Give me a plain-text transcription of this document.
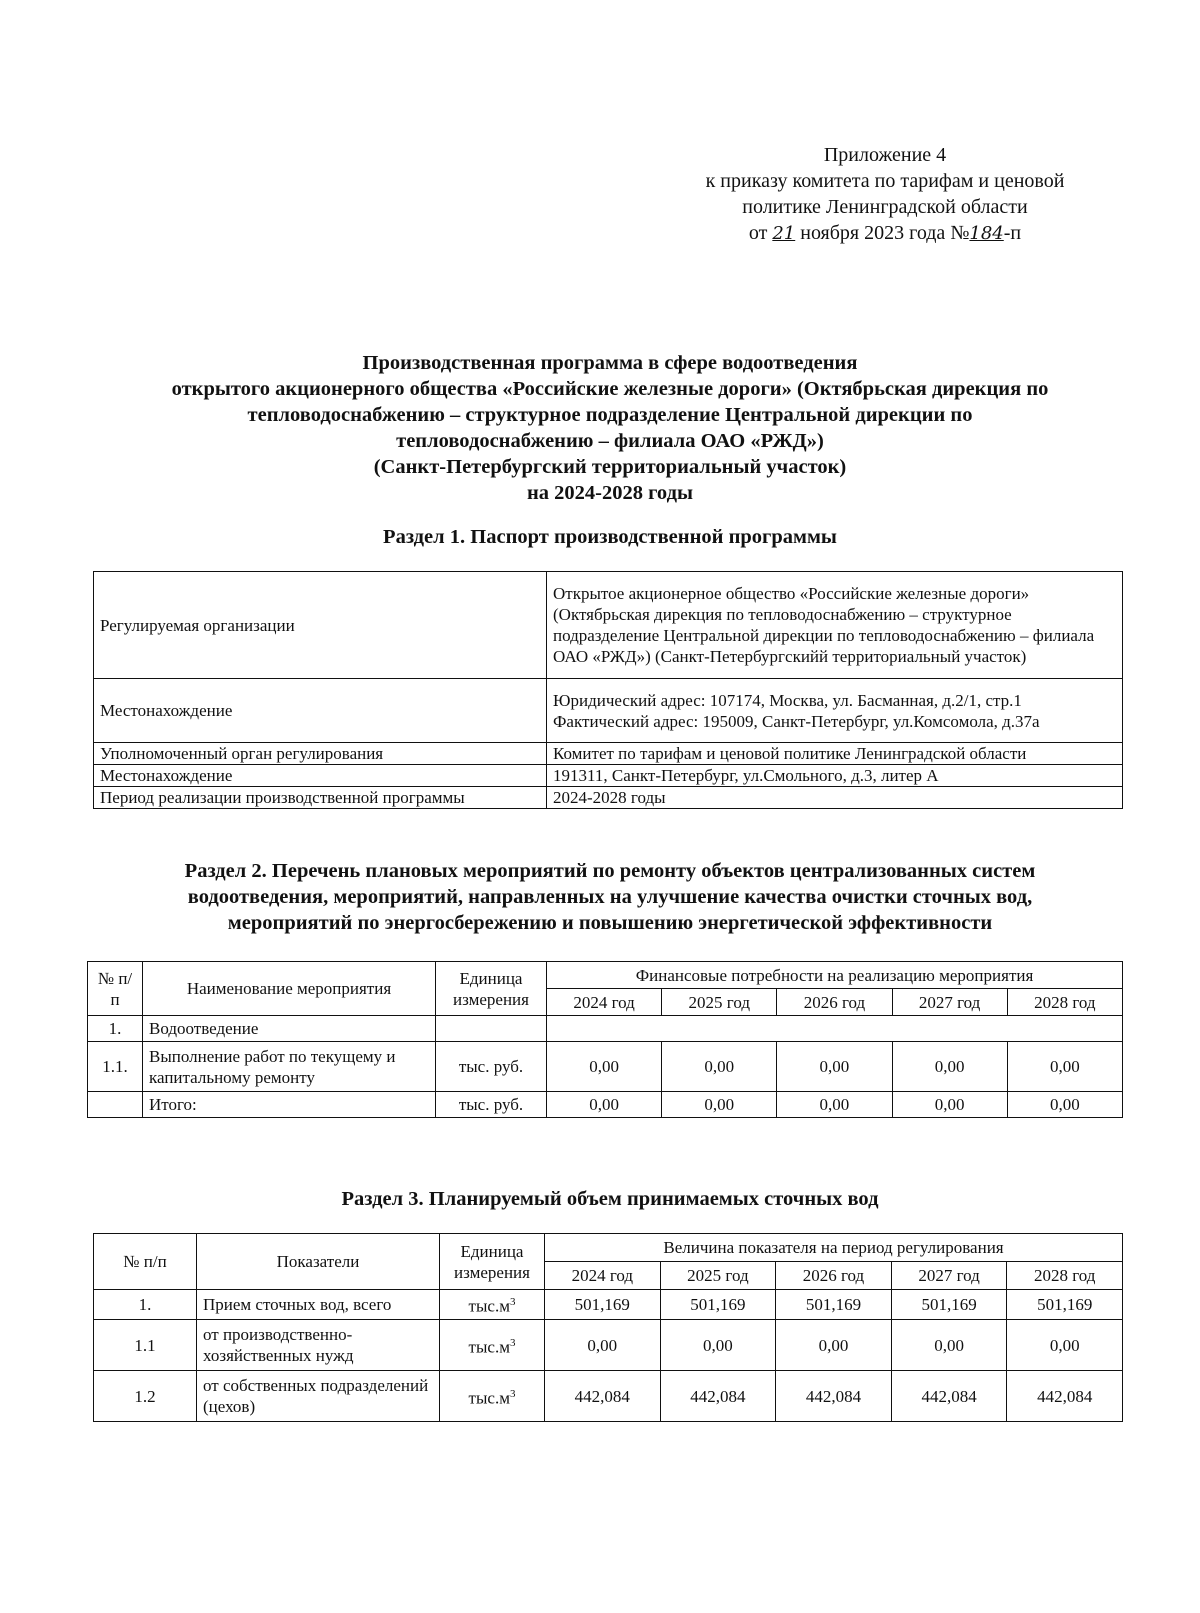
Приложение 4
к приказу комитета по тарифам и ценовой
политике Ленинградской области
от 21 ноября 2023 года №184-п
Производственная программа в сфере водоотведения
открытого акционерного общества «Российские железные дороги» (Октябрьская дирекция по
тепловодоснабжению – структурное подразделение Центральной дирекции по
тепловодоснабжению – филиала ОАО «РЖД»)
(Санкт-Петербургский территориальный участок)
на 2024-2028 годы
Раздел 1. Паспорт производственной программы
Регулируемая организации	Открытое акционерное общество «Российские железные дороги» (Октябрьская дирекция по тепловодоснабжению – структурное подразделение Центральной дирекции по тепловодоснабжению – филиала ОАО «РЖД») (Санкт-Петербургскийй территориальный участок)
Местонахождение	Юридический адрес: 107174, Москва, ул. Басманная, д.2/1, стр.1 Фактический адрес: 195009, Санкт-Петербург, ул.Комсомола, д.37а
Уполномоченный орган регулирования	Комитет по тарифам и ценовой политике Ленинградской области
Местонахождение	191311, Санкт-Петербург, ул.Смольного, д.3, литер А
Период реализации производственной программы	2024-2028 годы
Раздел 2. Перечень плановых мероприятий по ремонту объектов централизованных систем
водоотведения, мероприятий, направленных на улучшение качества очистки сточных вод,
мероприятий по энергосбережению и повышению энергетической эффективности
№ п/п	Наименование мероприятия	Единица измерения	Финансовые потребности на реализацию мероприятия				
			2024 год	2025 год	2026 год	2027 год	2028 год
1.	Водоотведение						
1.1.	Выполнение работ по текущему и капитальному ремонту	тыс. руб.	0,00	0,00	0,00	0,00	0,00
	Итого:	тыс. руб.	0,00	0,00	0,00	0,00	0,00
Раздел 3. Планируемый объем принимаемых сточных вод
№ п/п	Показатели	Единица измерения	Величина показателя на период регулирования				
			2024 год	2025 год	2026 год	2027 год	2028 год
1.	Прием сточных вод, всего	$тыс.м^3$	501,169	501,169	501,169	501,169	501,169
1.1	от производственно-хозяйственных нужд	$тыс.м^3$	0,00	0,00	0,00	0,00	0,00
1.2	от собственных подразделений (цехов)	$тыс.м^3$	442,084	442,084	442,084	442,084	442,084
